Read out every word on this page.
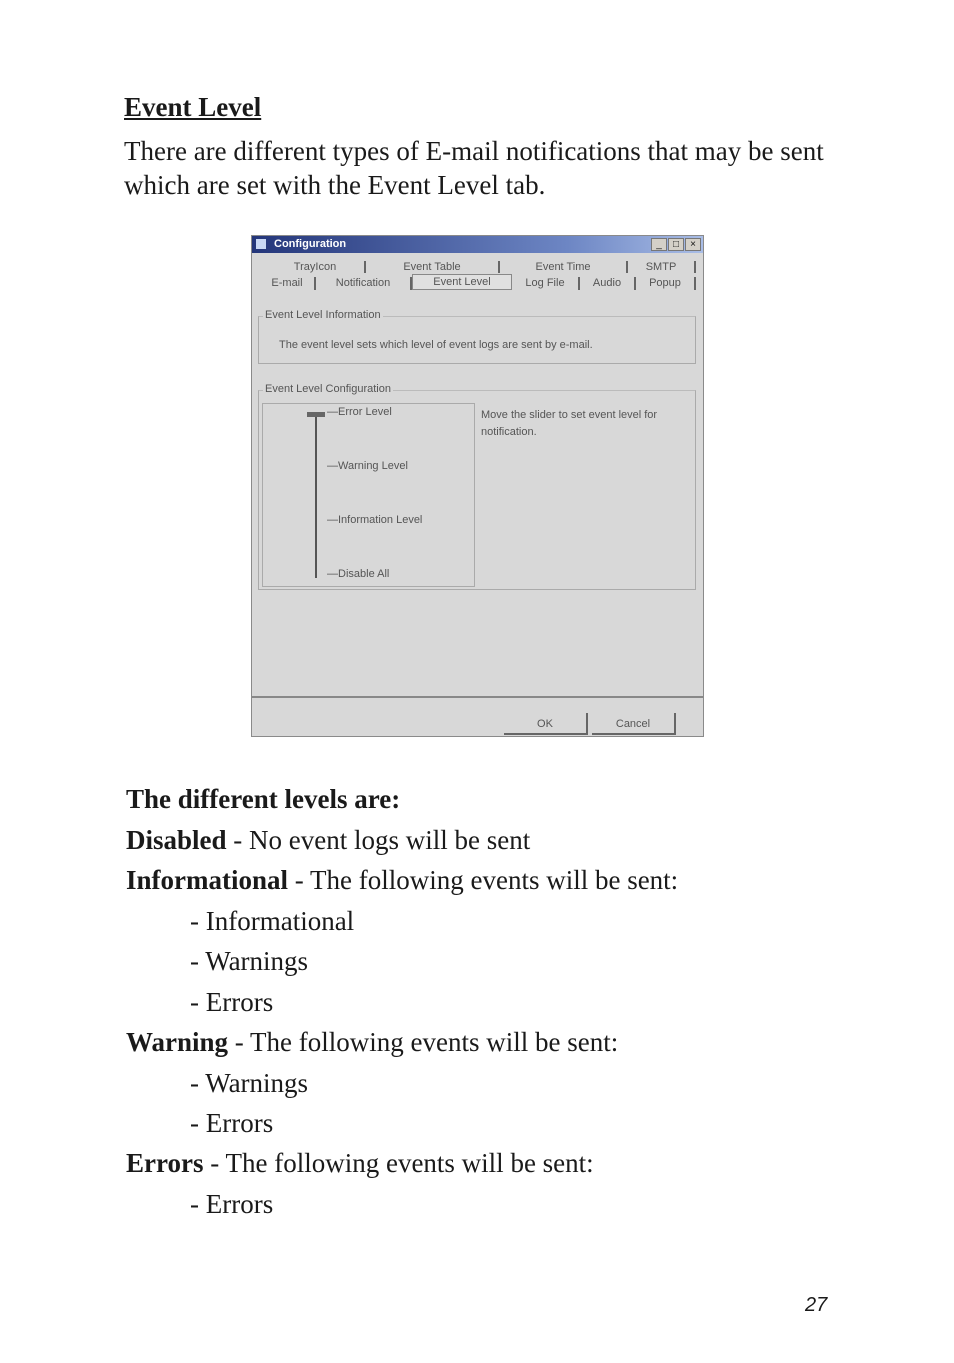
Event Level

There are different types of E-mail notifications that may be sent which are set with the Event Level tab.

Configuration	_	□	×
TrayIcon	Event Table	Event Time	SMTP
E-mail	Notification	Event Level	Log File	Audio	Popup
Event Level Information
The event level sets which level of event logs are sent by e-mail.
Event Level Configuration
Move the slider to set event level for notification.
—Error Level
—Warning Level
—Information Level
—Disable All
OK	Cancel

The different levels are:

Disabled - No event logs will be sent

Informational - The following events will be sent:

- Informational

- Warnings

- Errors

Warning - The following events will be sent:

- Warnings

- Errors

Errors - The following events will be sent:

- Errors

27
